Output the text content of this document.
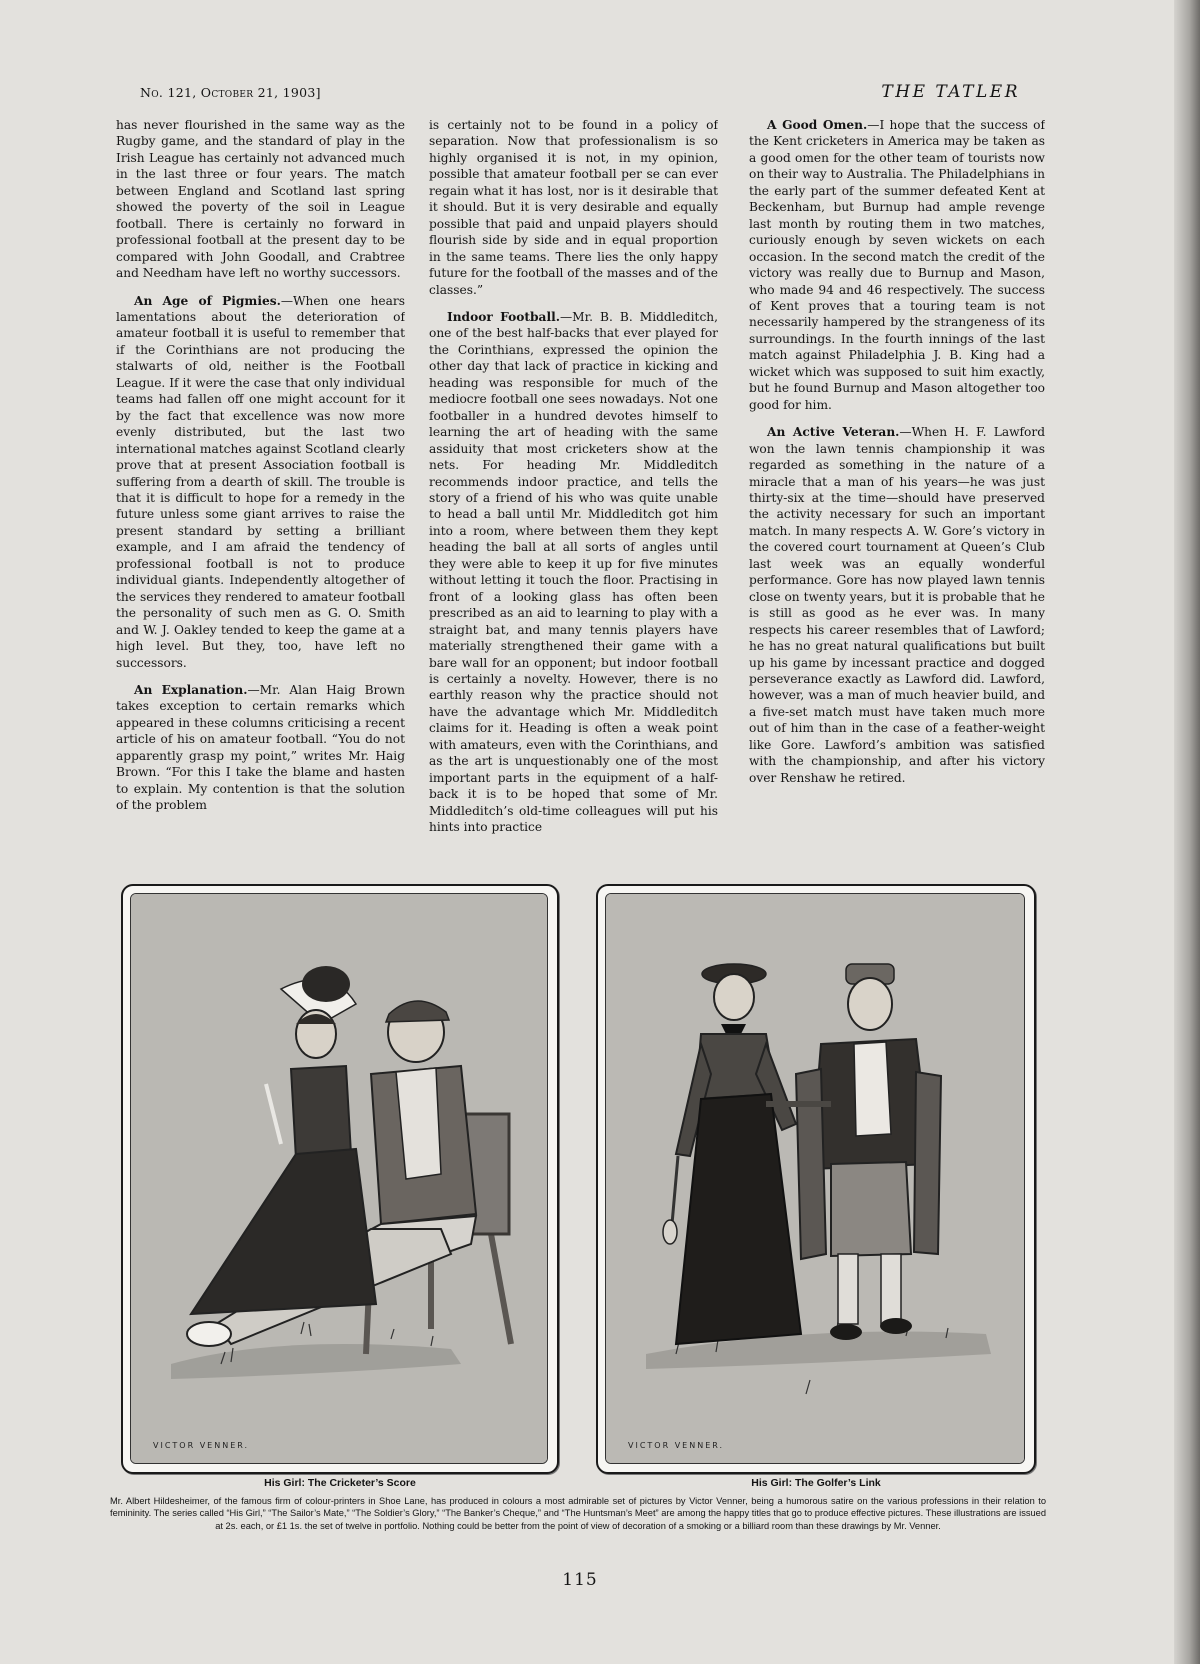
No. 121, October 21, 1903]	THE TATLER

has never flourished in the same way as the Rugby game, and the standard of play in the Irish League has certainly not advanced much in the last three or four years. The match between England and Scotland last spring showed the poverty of the soil in League football. There is certainly no forward in professional football at the present day to be compared with John Goodall, and Crabtree and Needham have left no worthy successors.

An Age of Pigmies.—When one hears lamentations about the deterioration of amateur football it is useful to remember that if the Corinthians are not producing the stalwarts of old, neither is the Football League. If it were the case that only individual teams had fallen off one might account for it by the fact that excellence was now more evenly distributed, but the last two international matches against Scotland clearly prove that at present Association football is suffering from a dearth of skill. The trouble is that it is difficult to hope for a remedy in the future unless some giant arrives to raise the present standard by setting a brilliant example, and I am afraid the tendency of professional football is not to produce individual giants. Independently altogether of the services they rendered to amateur football the personality of such men as G. O. Smith and W. J. Oakley tended to keep the game at a high level. But they, too, have left no successors.

An Explanation.—Mr. Alan Haig Brown takes exception to certain remarks which appeared in these columns criticising a recent article of his on amateur football. “You do not apparently grasp my point,” writes Mr. Haig Brown. “For this I take the blame and hasten to explain. My contention is that the solution of the problem

is certainly not to be found in a policy of separation. Now that professionalism is so highly organised it is not, in my opinion, possible that amateur football per se can ever regain what it has lost, nor is it desirable that it should. But it is very desirable and equally possible that paid and unpaid players should flourish side by side and in equal proportion in the same teams. There lies the only happy future for the football of the masses and of the classes.”

Indoor Football.—Mr. B. B. Middleditch, one of the best half-backs that ever played for the Corinthians, expressed the opinion the other day that lack of practice in kicking and heading was responsible for much of the mediocre football one sees nowadays. Not one footballer in a hundred devotes himself to learning the art of heading with the same assiduity that most cricketers show at the nets. For heading Mr. Middleditch recommends indoor practice, and tells the story of a friend of his who was quite unable to head a ball until Mr. Middleditch got him into a room, where between them they kept heading the ball at all sorts of angles until they were able to keep it up for five minutes without letting it touch the floor. Practising in front of a looking glass has often been prescribed as an aid to learning to play with a straight bat, and many tennis players have materially strengthened their game with a bare wall for an opponent; but indoor football is certainly a novelty. However, there is no earthly reason why the practice should not have the advantage which Mr. Middleditch claims for it. Heading is often a weak point with amateurs, even with the Corinthians, and as the art is unquestionably one of the most important parts in the equipment of a half-back it is to be hoped that some of Mr. Middleditch’s old-time colleagues will put his hints into practice

A Good Omen.—I hope that the success of the Kent cricketers in America may be taken as a good omen for the other team of tourists now on their way to Australia. The Philadelphians in the early part of the summer defeated Kent at Beckenham, but Burnup had ample revenge last month by routing them in two matches, curiously enough by seven wickets on each occasion. In the second match the credit of the victory was really due to Burnup and Mason, who made 94 and 46 respectively. The success of Kent proves that a touring team is not necessarily hampered by the strangeness of its surroundings. In the fourth innings of the last match against Philadelphia J. B. King had a wicket which was supposed to suit him exactly, but he found Burnup and Mason altogether too good for him.

An Active Veteran.—When H. F. Lawford won the lawn tennis championship it was regarded as something in the nature of a miracle that a man of his years—he was just thirty-six at the time—should have preserved the activity necessary for such an important match. In many respects A. W. Gore’s victory in the covered court tournament at Queen’s Club last week was an equally wonderful performance. Gore has now played lawn tennis close on twenty years, but it is probable that he is still as good as he ever was. In many respects his career resembles that of Lawford; he has no great natural qualifications but built up his game by incessant practice and dogged perseverance exactly as Lawford did. Lawford, however, was a man of much heavier build, and a five-set match must have taken much more out of him than in the case of a feather-weight like Gore. Lawford’s ambition was satisfied with the championship, and after his victory over Renshaw he retired.

VICTOR VENNER.
His Girl: The Cricketer’s Score
VICTOR VENNER.
His Girl: The Golfer’s Link
Mr. Albert Hildesheimer, of the famous firm of colour-printers in Shoe Lane, has produced in colours a most admirable set of pictures by Victor Venner, being a humorous satire on the various professions in their relation to femininity. The series called “His Girl,” “The Sailor’s Mate,” “The Soldier’s Glory,” “The Banker’s Cheque,” and “The Huntsman’s Meet” are among the happy titles that go to produce effective pictures. These illustrations are issued at 2s. each, or £1 1s. the set of twelve in portfolio. Nothing could be better from the point of view of decoration of a smoking or a billiard room than these drawings by Mr. Venner.
115
